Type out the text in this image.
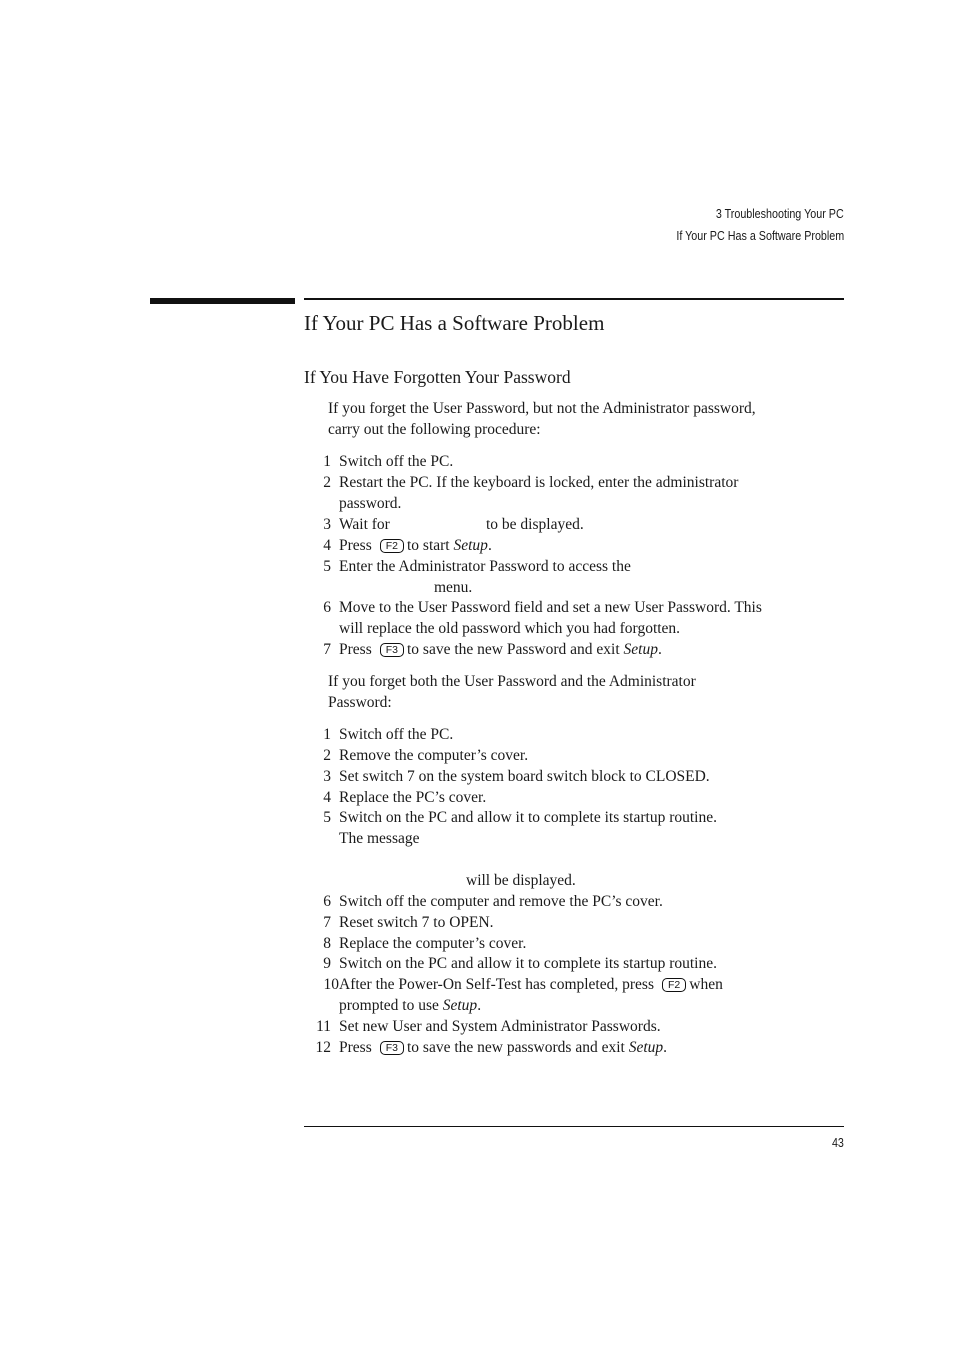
3 Troubleshooting Your PC
If Your PC Has a Software Problem
If Your PC Has a Software Problem
If You Have Forgotten Your Password
If you forget the User Password, but not the Administrator password,
carry out the following procedure:
1 Switch off the PC.
2 Restart the PC. If the keyboard is locked, enter the administrator
password.
3 Wait for	to be displayed.
4 Press F2 to start Setup.
5 Enter the Administrator Password to access the
menu.
6 Move to the User Password field and set a new User Password. This
will replace the old password which you had forgotten.
7 Press F3 to save the new Password and exit Setup.
If you forget both the User Password and the Administrator
Password:
1 Switch off the PC.
2 Remove the computer’s cover.
3 Set switch 7 on the system board switch block to CLOSED.
4 Replace the PC’s cover.
5 Switch on the PC and allow it to complete its startup routine.
The message
will be displayed.
6 Switch off the computer and remove the PC’s cover.
7 Reset switch 7 to OPEN.
8 Replace the computer’s cover.
9 Switch on the PC and allow it to complete its startup routine.
10 After the Power-On Self-Test has completed, press F2 when
prompted to use Setup.
11 Set new User and System Administrator Passwords.
12 Press F3 to save the new passwords and exit Setup.
43
